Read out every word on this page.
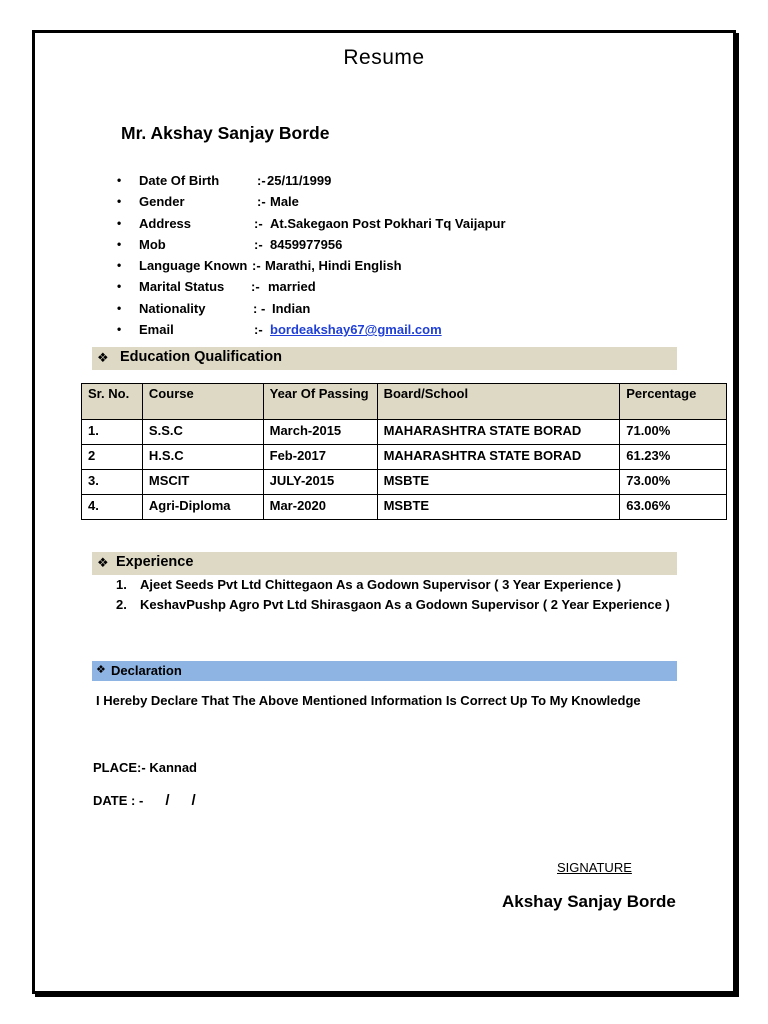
Resume
Mr. Akshay Sanjay Borde
•	Date Of Birth	:- 25/11/1999
•	Gender	:- Male
•	Address	:- At.Sakegaon Post Pokhari Tq Vaijapur
•	Mob	:- 8459977956
•	Language Known :- Marathi, Hindi English
•	Marital Status :- married
•	Nationality	: - Indian
•	Email	:- bordeakshay67@gmail.com
❖ Education Qualification
Sr. No.	Course	Year Of Passing	Board/School	Percentage
1.	S.S.C	March-2015	MAHARASHTRA STATE BORAD	71.00%
2	H.S.C	Feb-2017	MAHARASHTRA STATE BORAD	61.23%
3.	MSCIT	JULY-2015	MSBTE	73.00%
4.	Agri-Diploma	Mar-2020	MSBTE	63.06%
❖ Experience
1. Ajeet Seeds Pvt Ltd Chittegaon As a Godown Supervisor ( 3 Year Experience )
2. KeshavPushp Agro Pvt Ltd Shirasgaon As a Godown Supervisor ( 2 Year Experience )
❖ Declaration
I Hereby Declare That The Above Mentioned Information Is Correct Up To My Knowledge
PLACE:- Kannad
DATE : - / /
SIGNATURE
Akshay Sanjay Borde
